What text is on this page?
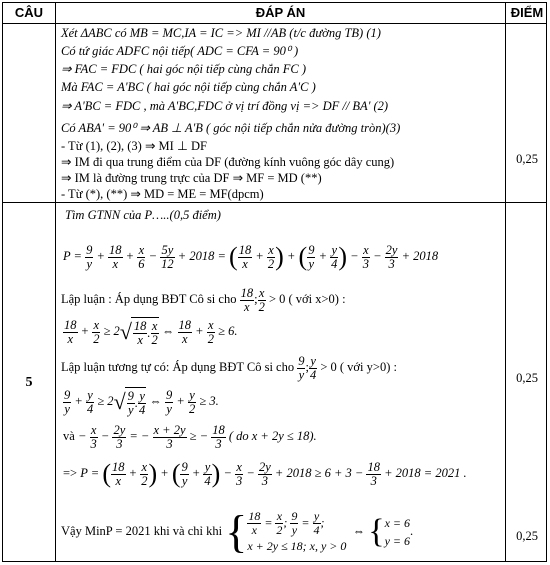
CÂU	ĐÁP ÁN	ĐIỂM
Xét ΔABC có MB = MC,IA = IC => MI //AB (t/c đường TB) (1)
Có tứ giác ADFC nội tiếp( ADC = CFA = 90⁰ )
⇒ FAC = FDC ( hai góc nội tiếp cùng chắn FC )
Mà FAC = A'BC ( hai góc nội tiếp cùng chắn A'C )
⇒ A'BC = FDC , mà A'BC,FDC ở vị trí đồng vị => DF // BA' (2)
Có ABA' = 90⁰ ⇒ AB ⊥ A'B ( góc nội tiếp chắn nửa đường tròn)(3)
- Từ (1), (2), (3) ⇒ MI ⊥ DF
⇒ IM đi qua trung điểm của DF (đường kính vuông góc dây cung)
⇒ IM là đường trung trực của DF ⇒ MF = MD (**)
- Từ (*), (**) ⇒ MD = ME = MF(dpcm)
0,25
5
Tìm GTNN của P…..(0,5 điểm)
$P = \frac{9}{y} + \frac{18}{x} + \frac{x}{6} - \frac{5y}{12} + 2018$ = ( $\frac{18}{x} + \frac{x}{2}$ ) + ( $\frac{9}{y} + \frac{y}{4}$ ) − $\frac{x}{3} - \frac{2y}{3} + 2018$
Lập luận : Áp dụng BĐT Cô si cho $\frac{18}{x}$ ; $\frac{x}{2} > 0$ ( với x>0) :
$\frac{18}{x} + \frac{x}{2} \ge 2√ \frac{18}{x}$ . $\frac{x}{2}$ ⇔ $\frac{18}{x} + \frac{x}{2} \ge 6$.
Lập luận tương tự có: Áp dụng BĐT Cô si cho $\frac{9}{y}$ ; $\frac{y}{4} > 0$ ( với y>0) :
$\frac{9}{y} + \frac{y}{4} \ge 2√ \frac{9}{y}$ . $\frac{y}{4}$ ⇔ $\frac{9}{y} + \frac{y}{2} \ge 3$.
và − $\frac{x}{3} - \frac{2y}{3}$ = − $\frac{x + 2y}{3}$ ≥ − $\frac{18}{3}$ ( do x + 2y ≤ 18).
=> P = ( $\frac{18}{x} + \frac{x}{2}$ ) + ( $\frac{9}{y} + \frac{y}{4}$ ) − $\frac{x}{3} - \frac{2y}{3} + 2018 \ge 6 + 3 - \frac{18}{3} + 2018 = 2021$ .
Vậy MinP = 2021 khi và chỉ khi { $\frac{18}{x} = \frac{x}{2}$ ; $\frac{9}{y} = \frac{y}{4}$ ;
x + 2y ≤ 18; x, y > 0
⇔ { x = 6
y = 6
.
0,25
0,25
